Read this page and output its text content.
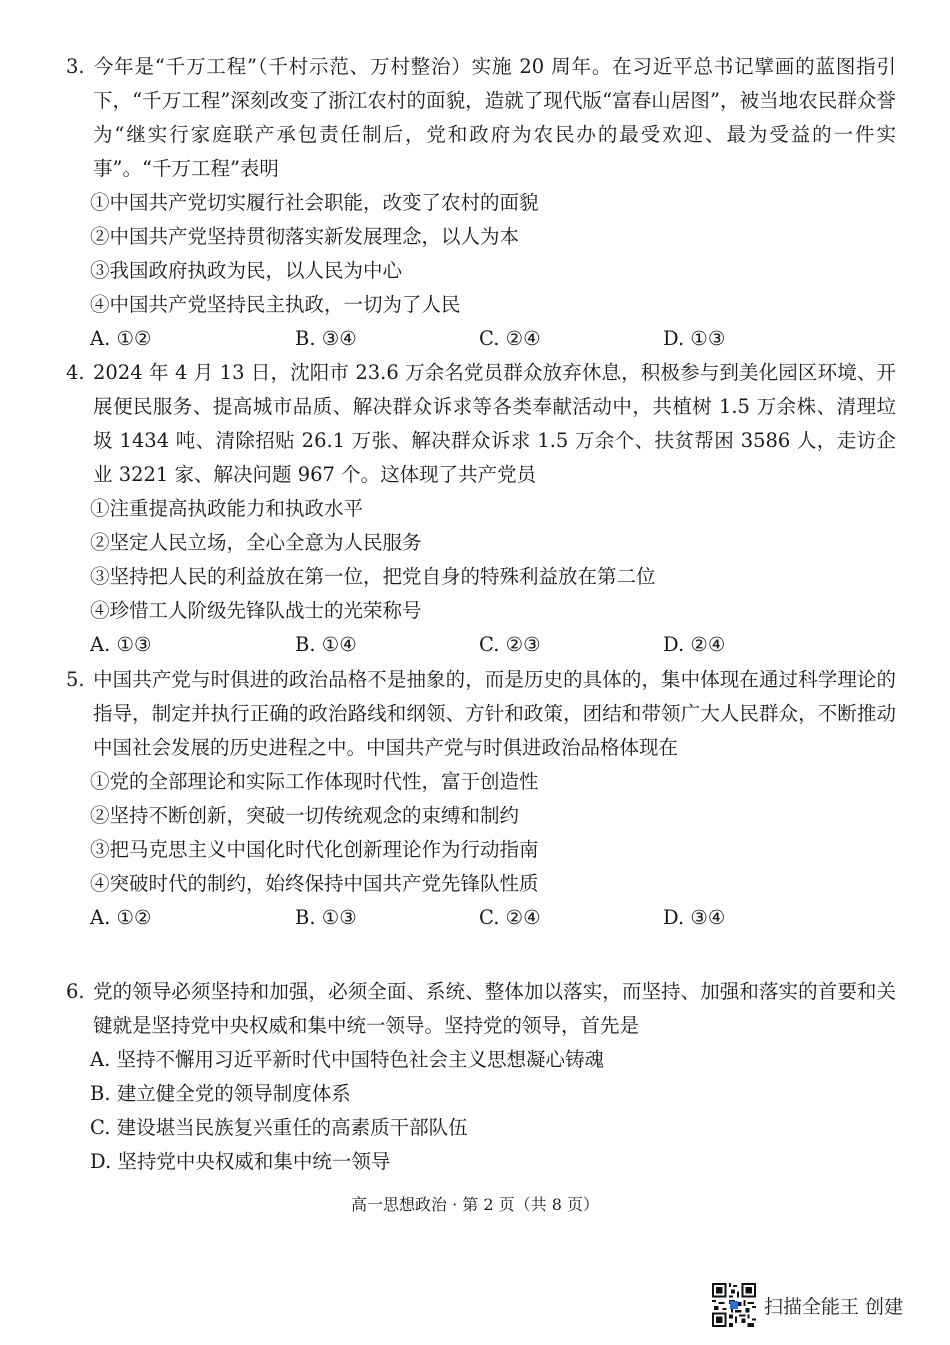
3. 今年是“千万工程”（千村示范、万村整治）实施 20 周年。在习近平总书记擘画的蓝图指引下，“千万工程”深刻改变了浙江农村的面貌，造就了现代版“富春山居图”，被当地农民群众誉为“继实行家庭联产承包责任制后，党和政府为农民办的最受欢迎、最为受益的一件实事”。“千万工程”表明

①中国共产党切实履行社会职能，改变了农村的面貌

②中国共产党坚持贯彻落实新发展理念，以人为本

③我国政府执政为民，以人民为中心

④中国共产党坚持民主执政，一切为了人民

A. ①②	B. ③④	C. ②④	D. ①③

4. 2024 年 4 月 13 日，沈阳市 23.6 万余名党员群众放弃休息，积极参与到美化园区环境、开展便民服务、提高城市品质、解决群众诉求等各类奉献活动中，共植树 1.5 万余株、清理垃圾 1434 吨、清除招贴 26.1 万张、解决群众诉求 1.5 万余个、扶贫帮困 3586 人，走访企业 3221 家、解决问题 967 个。这体现了共产党员

①注重提高执政能力和执政水平

②坚定人民立场，全心全意为人民服务

③坚持把人民的利益放在第一位，把党自身的特殊利益放在第二位

④珍惜工人阶级先锋队战士的光荣称号

A. ①③	B. ①④	C. ②③	D. ②④

5. 中国共产党与时俱进的政治品格不是抽象的，而是历史的具体的，集中体现在通过科学理论的指导，制定并执行正确的政治路线和纲领、方针和政策，团结和带领广大人民群众，不断推动中国社会发展的历史进程之中。中国共产党与时俱进政治品格体现在

①党的全部理论和实际工作体现时代性，富于创造性

②坚持不断创新，突破一切传统观念的束缚和制约

③把马克思主义中国化时代化创新理论作为行动指南

④突破时代的制约，始终保持中国共产党先锋队性质

A. ①②	B. ①③	C. ②④	D. ③④

6. 党的领导必须坚持和加强，必须全面、系统、整体加以落实，而坚持、加强和落实的首要和关键就是坚持党中央权威和集中统一领导。坚持党的领导，首先是

A. 坚持不懈用习近平新时代中国特色社会主义思想凝心铸魂

B. 建立健全党的领导制度体系

C. 建设堪当民族复兴重任的高素质干部队伍

D. 坚持党中央权威和集中统一领导

高一思想政治 · 第 2 页（共 8 页）
扫描全能王 创建
